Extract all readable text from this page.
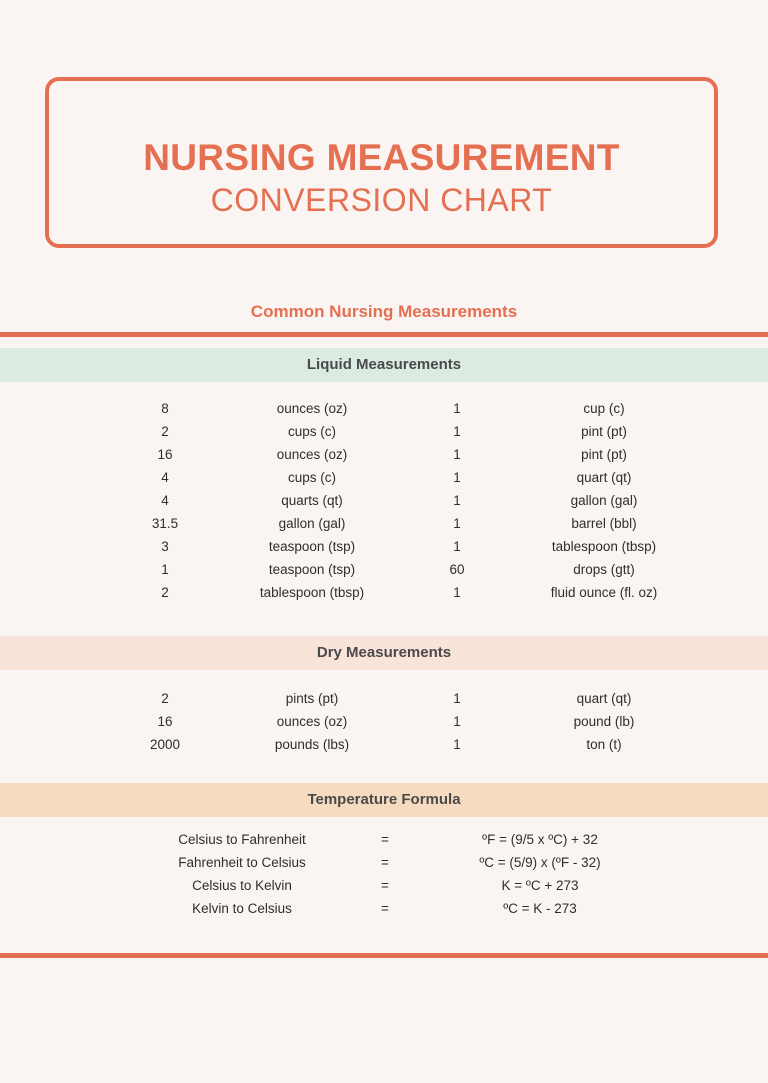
NURSING MEASUREMENT
CONVERSION CHART
Common Nursing Measurements
Liquid Measurements
8	ounces (oz)	1	cup (c)
2	cups (c)	1	pint (pt)
16	ounces (oz)	1	pint (pt)
4	cups (c)	1	quart (qt)
4	quarts (qt)	1	gallon (gal)
31.5	gallon (gal)	1	barrel (bbl)
3	teaspoon (tsp)	1	tablespoon (tbsp)
1	teaspoon (tsp)	60	drops (gtt)
2	tablespoon (tbsp)	1	fluid ounce (fl. oz)
Dry Measurements
2	pints (pt)	1	quart (qt)
16	ounces (oz)	1	pound (lb)
2000	pounds (lbs)	1	ton (t)
Temperature Formula
Celsius to Fahrenheit	=	ºF = (9/5 x ºC) + 32
Fahrenheit to Celsius	=	ºC = (5/9) x (ºF - 32)
Celsius to Kelvin	=	K = ºC + 273
Kelvin to Celsius	=	ºC = K - 273
